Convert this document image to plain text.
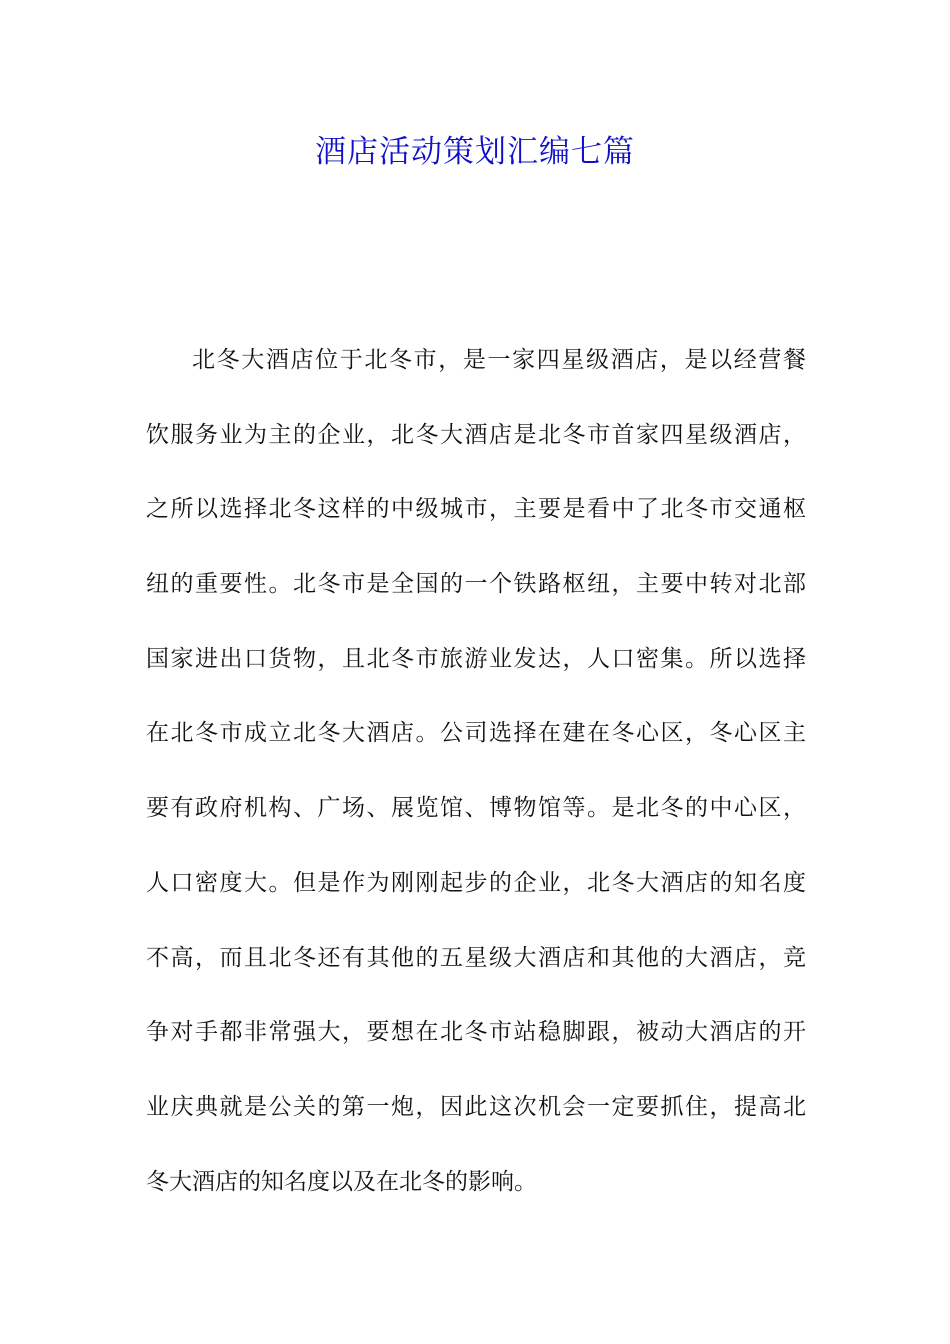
酒店活动策划汇编七篇
北冬大酒店位于北冬市，是一家四星级酒店，是以经营餐
饮服务业为主的企业，北冬大酒店是北冬市首家四星级酒店，
之所以选择北冬这样的中级城市，主要是看中了北冬市交通枢
纽的重要性。北冬市是全国的一个铁路枢纽，主要中转对北部
国家进出口货物，且北冬市旅游业发达，人口密集。所以选择
在北冬市成立北冬大酒店。公司选择在建在冬心区，冬心区主
要有政府机构、广场、展览馆、博物馆等。是北冬的中心区，
人口密度大。但是作为刚刚起步的企业，北冬大酒店的知名度
不高，而且北冬还有其他的五星级大酒店和其他的大酒店，竞
争对手都非常强大，要想在北冬市站稳脚跟，被动大酒店的开
业庆典就是公关的第一炮，因此这次机会一定要抓住，提高北
冬大酒店的知名度以及在北冬的影响。
